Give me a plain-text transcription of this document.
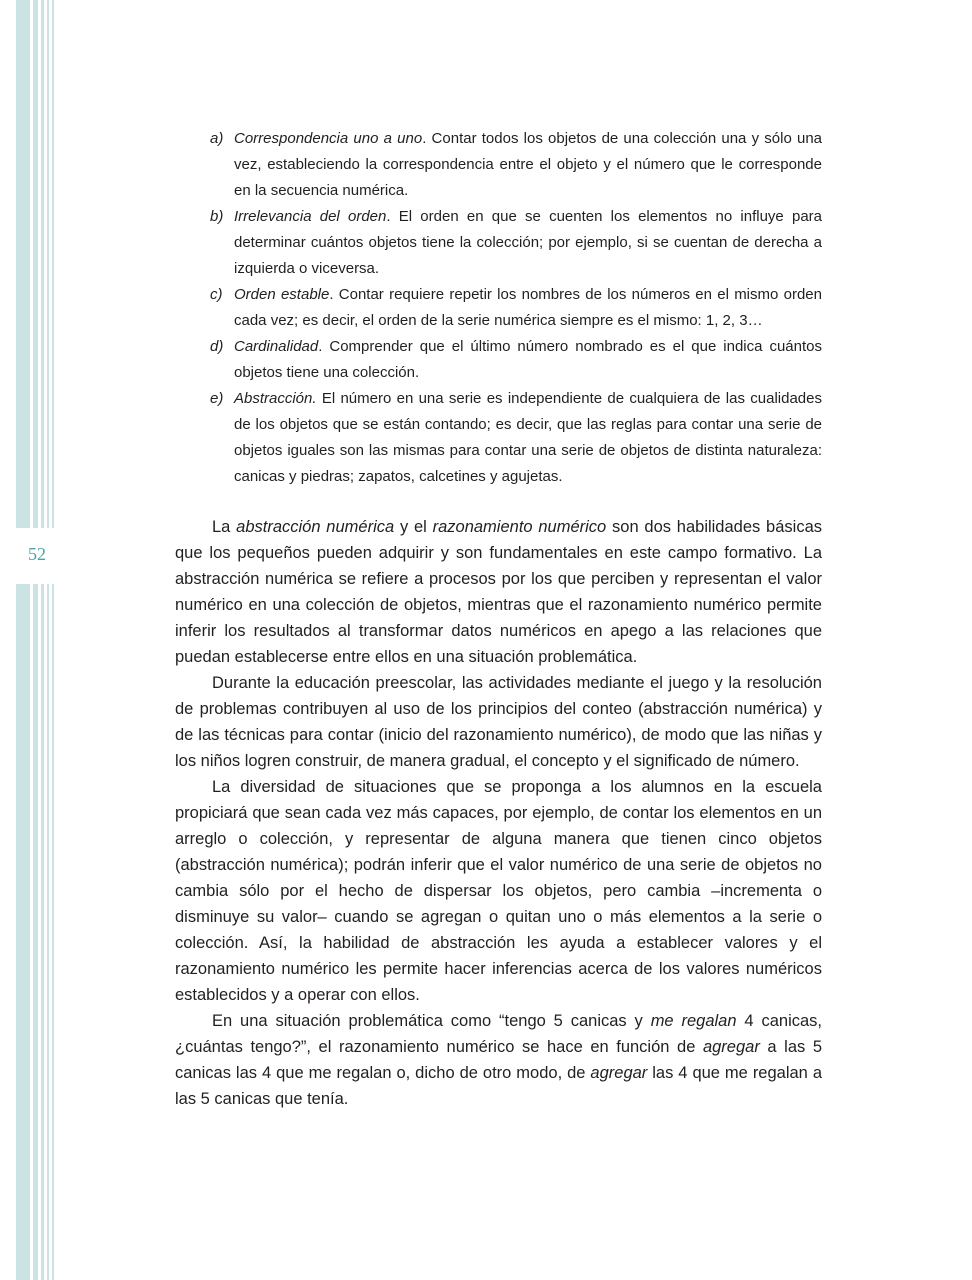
52
a) Correspondencia uno a uno. Contar todos los objetos de una colección una y sólo una vez, estableciendo la correspondencia entre el objeto y el número que le corresponde en la secuencia numérica.
b) Irrelevancia del orden. El orden en que se cuenten los elementos no influye para determinar cuántos objetos tiene la colección; por ejemplo, si se cuentan de derecha a izquierda o viceversa.
c) Orden estable. Contar requiere repetir los nombres de los números en el mismo orden cada vez; es decir, el orden de la serie numérica siempre es el mismo: 1, 2, 3…
d) Cardinalidad. Comprender que el último número nombrado es el que indica cuántos objetos tiene una colección.
e) Abstracción. El número en una serie es independiente de cualquiera de las cualidades de los objetos que se están contando; es decir, que las reglas para contar una serie de objetos iguales son las mismas para contar una serie de objetos de distinta naturaleza: canicas y piedras; zapatos, calcetines y agujetas.

La abstracción numérica y el razonamiento numérico son dos habilidades básicas que los pequeños pueden adquirir y son fundamentales en este campo formativo. La abstracción numérica se refiere a procesos por los que perciben y representan el valor numérico en una colección de objetos, mientras que el razonamiento numérico permite inferir los resultados al transformar datos numéricos en apego a las relaciones que puedan establecerse entre ellos en una situación problemática.

Durante la educación preescolar, las actividades mediante el juego y la resolución de problemas contribuyen al uso de los principios del conteo (abstracción numérica) y de las técnicas para contar (inicio del razonamiento numérico), de modo que las niñas y los niños logren construir, de manera gradual, el concepto y el significado de número.

La diversidad de situaciones que se proponga a los alumnos en la escuela propiciará que sean cada vez más capaces, por ejemplo, de contar los elementos en un arreglo o colección, y representar de alguna manera que tienen cinco objetos (abstracción numérica); podrán inferir que el valor numérico de una serie de objetos no cambia sólo por el hecho de dispersar los objetos, pero cambia –incrementa o disminuye su valor– cuando se agregan o quitan uno o más elementos a la serie o colección. Así, la habilidad de abstracción les ayuda a establecer valores y el razonamiento numérico les permite hacer inferencias acerca de los valores numéricos establecidos y a operar con ellos.

En una situación problemática como “tengo 5 canicas y me regalan 4 canicas, ¿cuántas tengo?”, el razonamiento numérico se hace en función de agregar a las 5 canicas las 4 que me regalan o, dicho de otro modo, de agregar las 4 que me regalan a las 5 canicas que tenía.
